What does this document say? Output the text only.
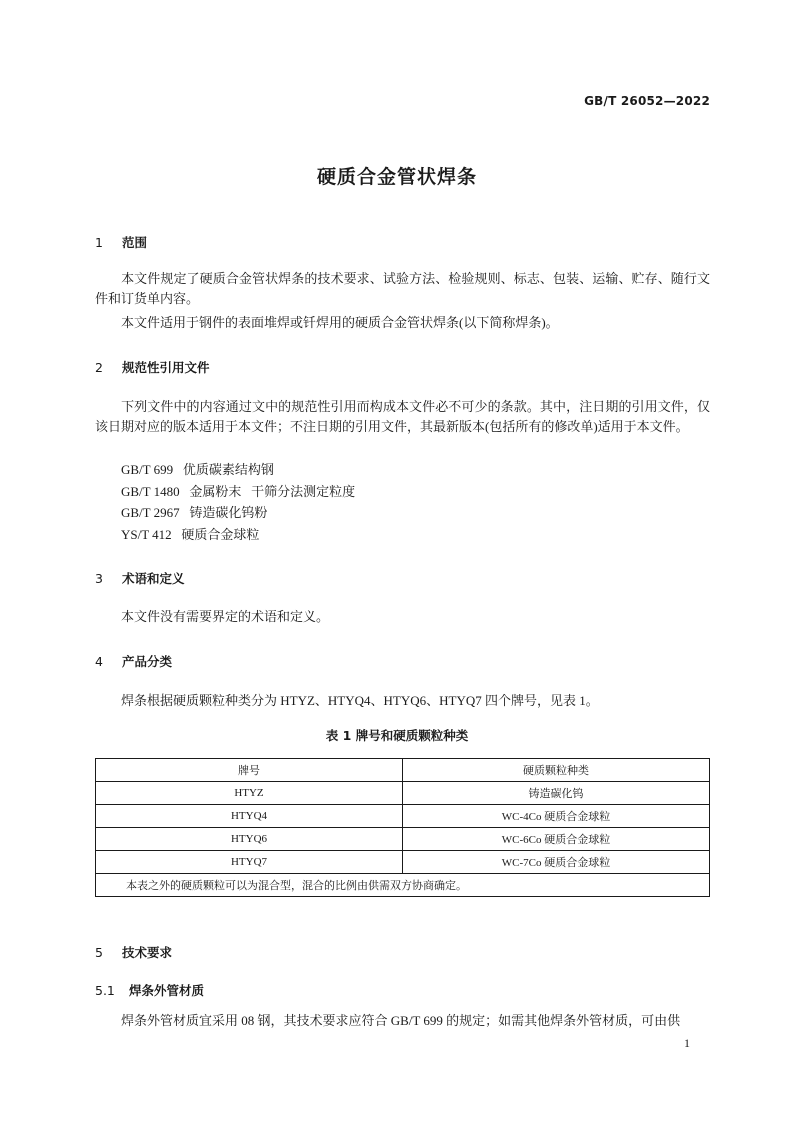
GB/T 26052—2022
硬质合金管状焊条
1 范围
本文件规定了硬质合金管状焊条的技术要求、试验方法、检验规则、标志、包装、运输、贮存、随行文件和订货单内容。
本文件适用于钢件的表面堆焊或钎焊用的硬质合金管状焊条(以下简称焊条)。
2 规范性引用文件
下列文件中的内容通过文中的规范性引用而构成本文件必不可少的条款。其中，注日期的引用文件，仅该日期对应的版本适用于本文件；不注日期的引用文件，其最新版本(包括所有的修改单)适用于本文件。
GB/T 699   优质碳素结构钢
GB/T 1480   金属粉末   干筛分法测定粒度
GB/T 2967   铸造碳化钨粉
YS/T 412   硬质合金球粒
3 术语和定义
本文件没有需要界定的术语和定义。
4 产品分类
焊条根据硬质颗粒种类分为 HTYZ、HTYQ4、HTYQ6、HTYQ7 四个牌号，见表 1。
表 1 牌号和硬质颗粒种类
牌号	硬质颗粒种类
HTYZ	铸造碳化钨
HTYQ4	WC-4Co 硬质合金球粒
HTYQ6	WC-6Co 硬质合金球粒
HTYQ7	WC-7Co 硬质合金球粒
本表之外的硬质颗粒可以为混合型，混合的比例由供需双方协商确定。	
5 技术要求
5.1 焊条外管材质
焊条外管材质宜采用 08 钢，其技术要求应符合 GB/T 699 的规定；如需其他焊条外管材质，可由供
1
